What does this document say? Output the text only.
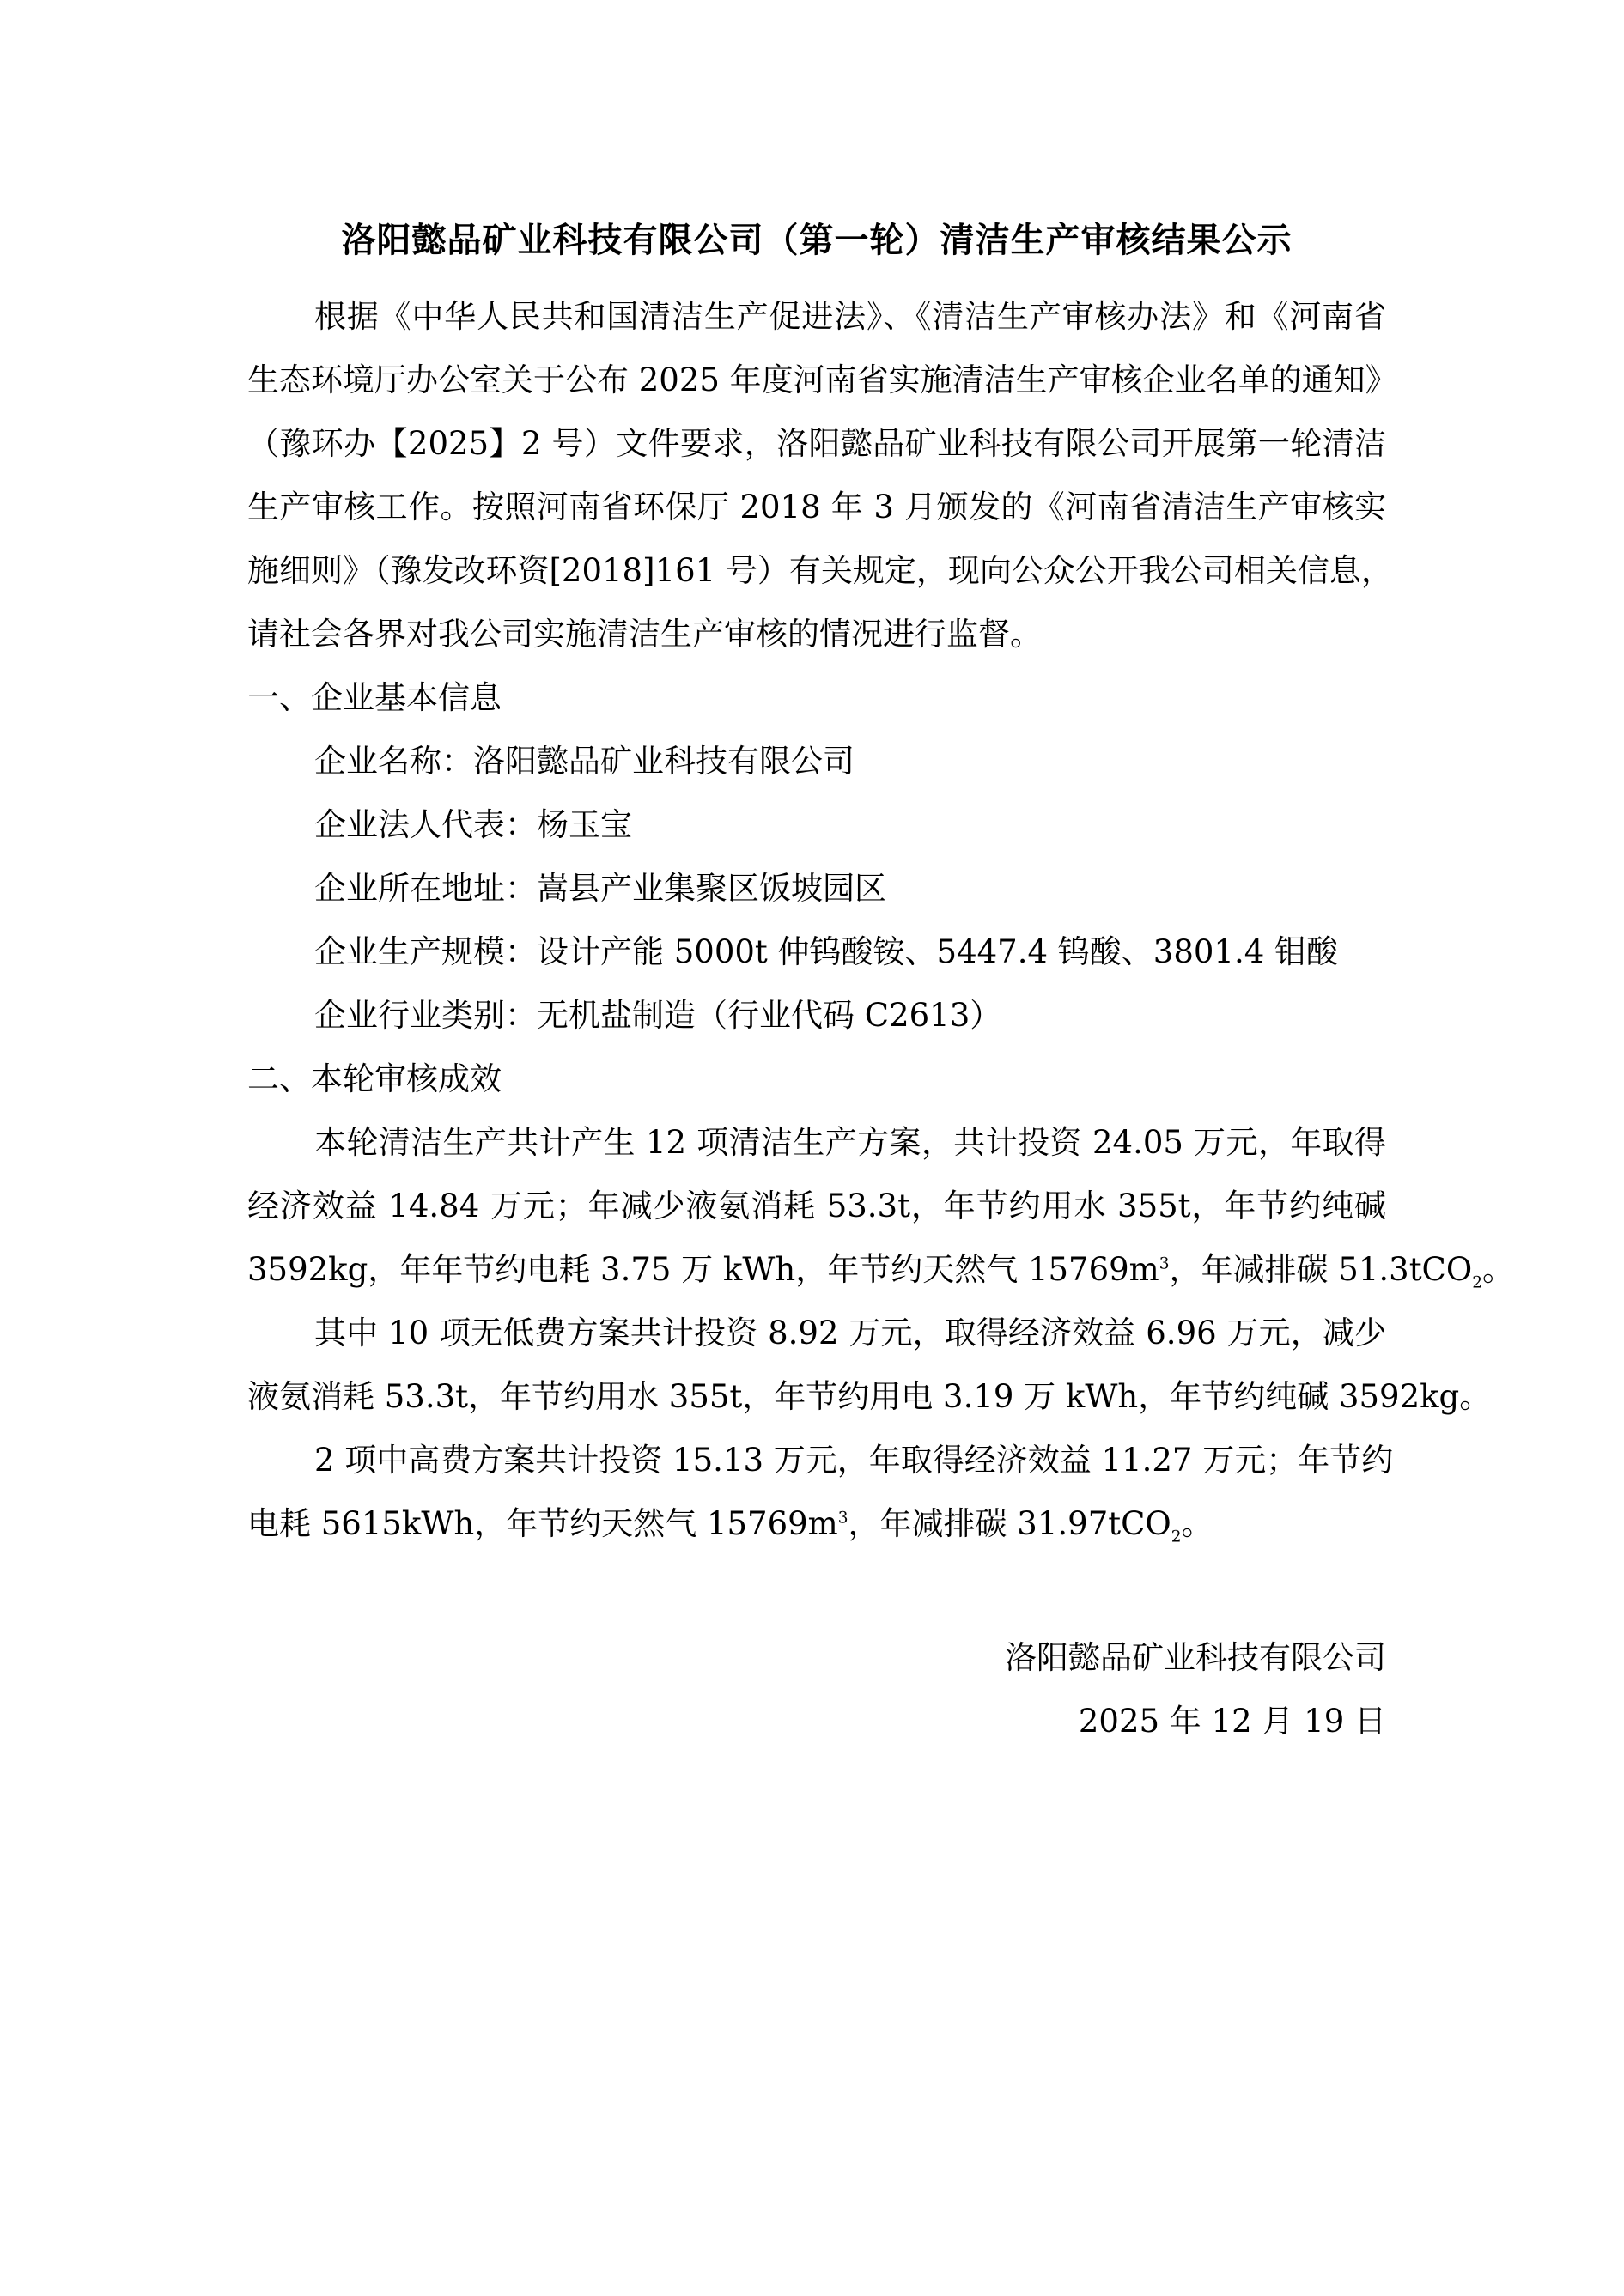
洛阳懿品矿业科技有限公司（第一轮）清洁生产审核结果公示
根据《中华人民共和国清洁生产促进法》、《清洁生产审核办法》和《河南省
生态环境厅办公室关于公布 2025 年度河南省实施清洁生产审核企业名单的通知》
（豫环办【2025】2 号）文件要求，洛阳懿品矿业科技有限公司开展第一轮清洁
生产审核工作。按照河南省环保厅 2018 年 3 月颁发的《河南省清洁生产审核实
施细则》（豫发改环资[2018]161 号）有关规定，现向公众公开我公司相关信息，
请社会各界对我公司实施清洁生产审核的情况进行监督。
一、企业基本信息
企业名称：洛阳懿品矿业科技有限公司
企业法人代表：杨玉宝
企业所在地址：嵩县产业集聚区饭坡园区
企业生产规模：设计产能 5000t 仲钨酸铵、5447.4 钨酸、3801.4 钼酸
企业行业类别：无机盐制造（行业代码 C2613）
二、本轮审核成效
本轮清洁生产共计产生 12 项清洁生产方案，共计投资 24.05 万元，年取得
经济效益 14.84 万元；年减少液氨消耗 53.3t，年节约用水 355t，年节约纯碱
3592kg，年年节约电耗 3.75 万 kWh，年节约天然气 $15769m^3$，年减排碳 51.3tCO$_2$。
其中 10 项无低费方案共计投资 8.92 万元，取得经济效益 6.96 万元，减少
液氨消耗 53.3t，年节约用水 355t，年节约用电 3.19 万 kWh，年节约纯碱 3592kg。
2 项中高费方案共计投资 15.13 万元，年取得经济效益 11.27 万元；年节约
电耗 5615kWh，年节约天然气 $15769m^3$，年减排碳 31.97tCO$_2$。
洛阳懿品矿业科技有限公司
2025 年 12 月 19 日
